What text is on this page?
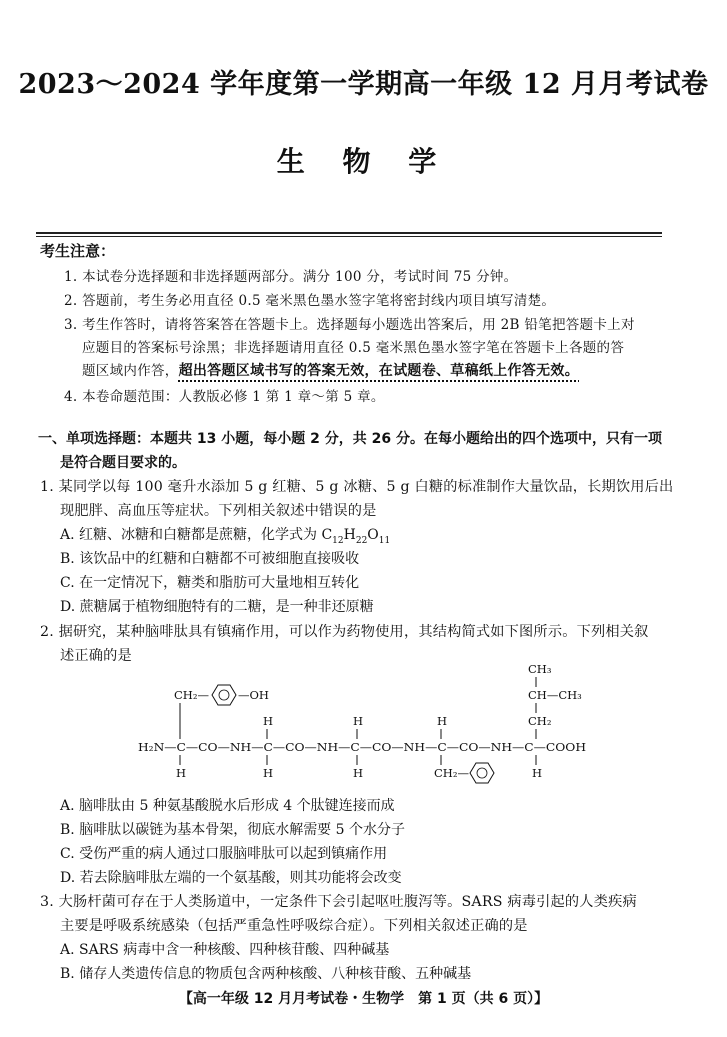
2023～2024 学年度第一学期高一年级 12 月月考试卷
生 物 学
考生注意：
1. 本试卷分选择题和非选择题两部分。满分 100 分，考试时间 75 分钟。
2. 答题前，考生务必用直径 0.5 毫米黑色墨水签字笔将密封线内项目填写清楚。
3. 考生作答时，请将答案答在答题卡上。选择题每小题选出答案后，用 2B 铅笔把答题卡上对
应题目的答案标号涂黑；非选择题请用直径 0.5 毫米黑色墨水签字笔在答题卡上各题的答
题区域内作答，超出答题区域书写的答案无效，在试题卷、草稿纸上作答无效。
4. 本卷命题范围：人教版必修 1 第 1 章～第 5 章。
一、单项选择题：本题共 13 小题，每小题 2 分，共 26 分。在每小题给出的四个选项中，只有一项
是符合题目要求的。
1. 某同学以每 100 毫升水添加 5 g 红糖、5 g 冰糖、5 g 白糖的标准制作大量饮品，长期饮用后出
现肥胖、高血压等症状。下列相关叙述中错误的是
A. 红糖、冰糖和白糖都是蔗糖，化学式为 $C_{12}H_{22}O_{11}$
B. 该饮品中的红糖和白糖都不可被细胞直接吸收
C. 在一定情况下，糖类和脂肪可大量地相互转化
D. 蔗糖属于植物细胞特有的二糖，是一种非还原糖
2. 据研究，某种脑啡肽具有镇痛作用，可以作为药物使用，其结构简式如下图所示。下列相关叙
述正确的是
CH₃
CH—CH₃
CH₂
CH₂—	—OH
H	H	H
H₂N—C—CO—NH—C—CO—NH—C—CO—NH—C—CO—NH—C—COOH
H	H	H	CH₂—	H
A. 脑啡肽由 5 种氨基酸脱水后形成 4 个肽键连接而成
B. 脑啡肽以碳链为基本骨架，彻底水解需要 5 个水分子
C. 受伤严重的病人通过口服脑啡肽可以起到镇痛作用
D. 若去除脑啡肽左端的一个氨基酸，则其功能将会改变
3. 大肠杆菌可存在于人类肠道中，一定条件下会引起呕吐腹泻等。SARS 病毒引起的人类疾病
主要是呼吸系统感染（包括严重急性呼吸综合症）。下列相关叙述正确的是
A. SARS 病毒中含一种核酸、四种核苷酸、四种碱基
B. 储存人类遗传信息的物质包含两种核酸、八种核苷酸、五种碱基
【高一年级 12 月月考试卷・生物学　第 1 页（共 6 页）】
